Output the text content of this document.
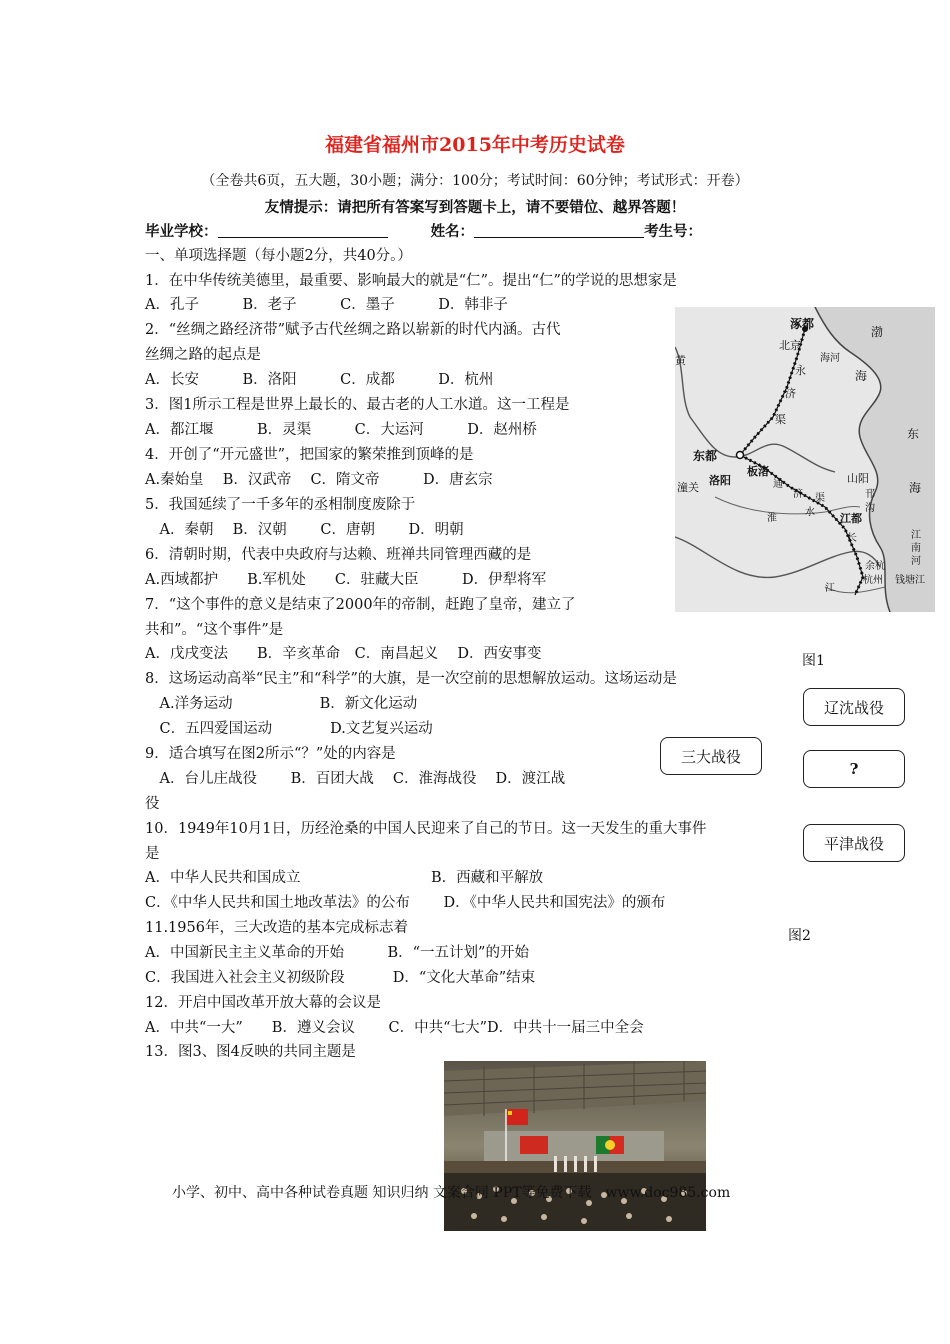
福建省福州市2015年中考历史试卷
（全卷共6页，五大题，30小题；满分：100分；考试时间：60分钟；考试形式：开卷）
友情提示：请把所有答案写到答题卡上，请不要错位、越界答题！
毕业学校：	姓名：	考生号：
一、单项选择题（每小题2分，共40分。）
1．在中华传统美德里，最重要、影响最大的就是“仁”。提出“仁”的学说的思想家是
A．孔子　　　B．老子　　　C．墨子　　　D．韩非子
2．“丝绸之路经济带”赋予古代丝绸之路以崭新的时代内涵。古代
丝绸之路的起点是
A．长安　　　B．洛阳　　　C．成都　　　D．杭州
3．图1所示工程是世界上最长的、最古老的人工水道。这一工程是
A．都江堰　　　B．灵渠　　　C．大运河　　　D．赵州桥
4．开创了“开元盛世”，把国家的繁荣推到顶峰的是
A.秦始皇　 B．汉武帝　 C．隋文帝　　　D．唐玄宗
5．我国延续了一千多年的丞相制度废除于
　A．秦朝　 B．汉朝　　 C．唐朝　　 D．明朝
6．清朝时期，代表中央政府与达赖、班禅共同管理西藏的是
A.西域都护　　B.军机处　　C．驻藏大臣　　　D．伊犁将军
7．“这个事件的意义是结束了2000年的帝制，赶跑了皇帝，建立了
共和”。“这个事件”是
A．戊戌变法　　B．辛亥革命　C．南昌起义　 D．西安事变
8．这场运动高举“民主”和“科学”的大旗，是一次空前的思想解放运动。这场运动是
　A.洋务运动　　　　　　B．新文化运动
　C．五四爱国运动　　　　D.文艺复兴运动
9．适合填写在图2所示“？”处的内容是
　A．台儿庄战役　　 B．百团大战　 C．淮海战役　 D．渡江战
役
10．1949年10月1日，历经沧桑的中国人民迎来了自己的节日。这一天发生的重大事件
是
A．中华人民共和国成立　　　　　　　　　B．西藏和平解放
C．《中华人民共和国土地改革法》的公布　　 D．《中华人民共和国宪法》的颁布
11.1956年，三大改造的基本完成标志着
A．中国新民主主义革命的开始　　　B．“一五计划”的开始
C．我国进入社会主义初级阶段　　　 D．“文化大革命”结束
12．开启中国改革开放大幕的会议是
A．中共“一大”　　B．遵义会议　　 C．中共“七大”D．中共十一届三中全会
13．图3、图4反映的共同主题是
涿都
北京
海河
永
济
渠
东都
洛阳
板渚
潼关	通
济 渠
淮
水
山阳
邗
沟
江都
长
江
余杭
杭州 钱塘江
江南河
渤
海
东
海
黄
图1
三大战役
辽沈战役
?
平津战役
图2
小学、初中、高中各种试卷真题 知识归纳 文案合同 PPT等免费下载　www.doc985.com
